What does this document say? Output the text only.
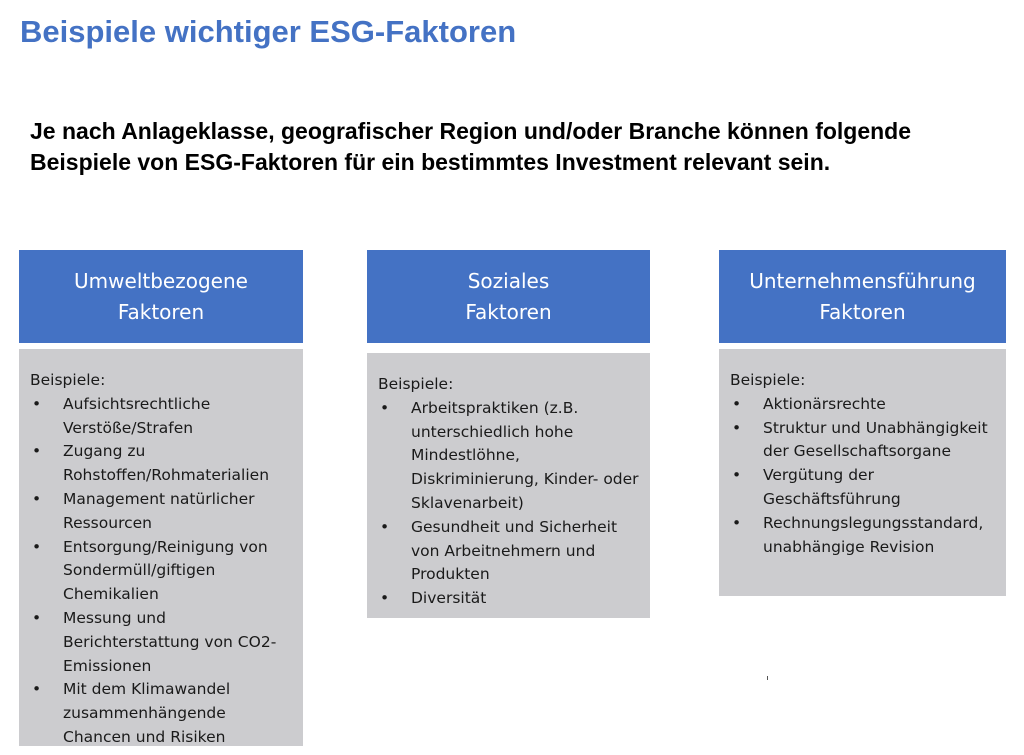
Beispiele wichtiger ESG-Faktoren

Je nach Anlageklasse, geografischer Region und/oder Branche können folgende Beispiele von ESG-Faktoren für ein bestimmtes Investment relevant sein.

Umweltbezogene
Faktoren
Beispiele:
• Aufsichtsrechtliche Verstöße/Strafen
• Zugang zu Rohstoffen/Rohmaterialien
• Management natürlicher Ressourcen
• Entsorgung/Reinigung von Sondermüll/giftigen Chemikalien
• Messung und Berichterstattung von CO2-Emissionen
• Mit dem Klimawandel zusammenhängende Chancen und Risiken
Soziales
Faktoren
Beispiele:
• Arbeitspraktiken (z.B. unterschiedlich hohe Mindestlöhne, Diskriminierung, Kinder- oder Sklavenarbeit)
• Gesundheit und Sicherheit von Arbeitnehmern und Produkten
• Diversität
Unternehmensführung
Faktoren
Beispiele:
• Aktionärsrechte
• Struktur und Unabhängigkeit der Gesellschaftsorgane
• Vergütung der Geschäftsführung
• Rechnungslegungsstandard, unabhängige Revision
